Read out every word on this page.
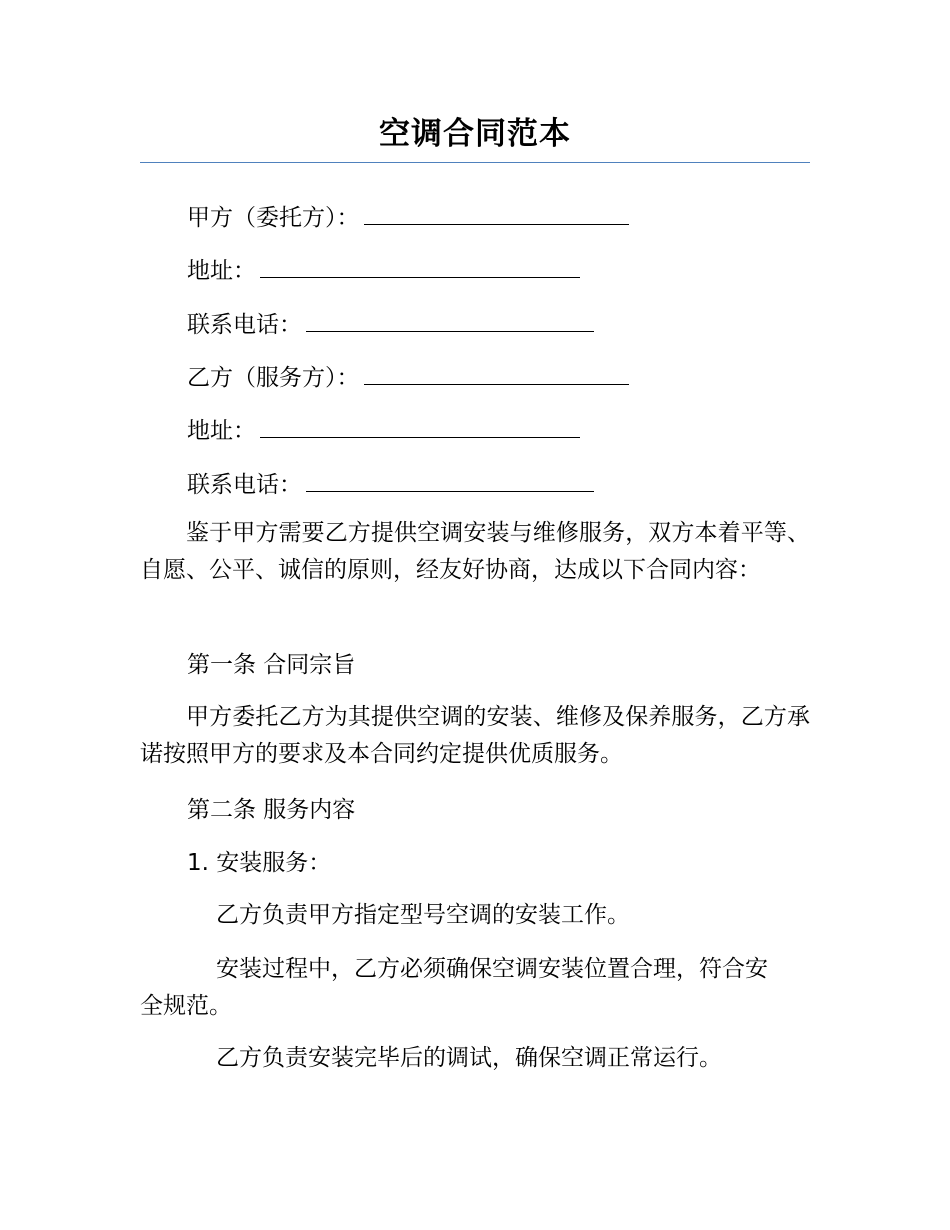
空调合同范本
甲方（委托方）：
地址：
联系电话：
乙方（服务方）：
地址：
联系电话：
鉴于甲方需要乙方提供空调安装与维修服务，双方本着平等、自愿、公平、诚信的原则，经友好协商，达成以下合同内容：
第一条 合同宗旨
甲方委托乙方为其提供空调的安装、维修及保养服务，乙方承诺按照甲方的要求及本合同约定提供优质服务。
第二条 服务内容
1. 安装服务：
乙方负责甲方指定型号空调的安装工作。
安装过程中，乙方必须确保空调安装位置合理，符合安全规范。
乙方负责安装完毕后的调试，确保空调正常运行。
